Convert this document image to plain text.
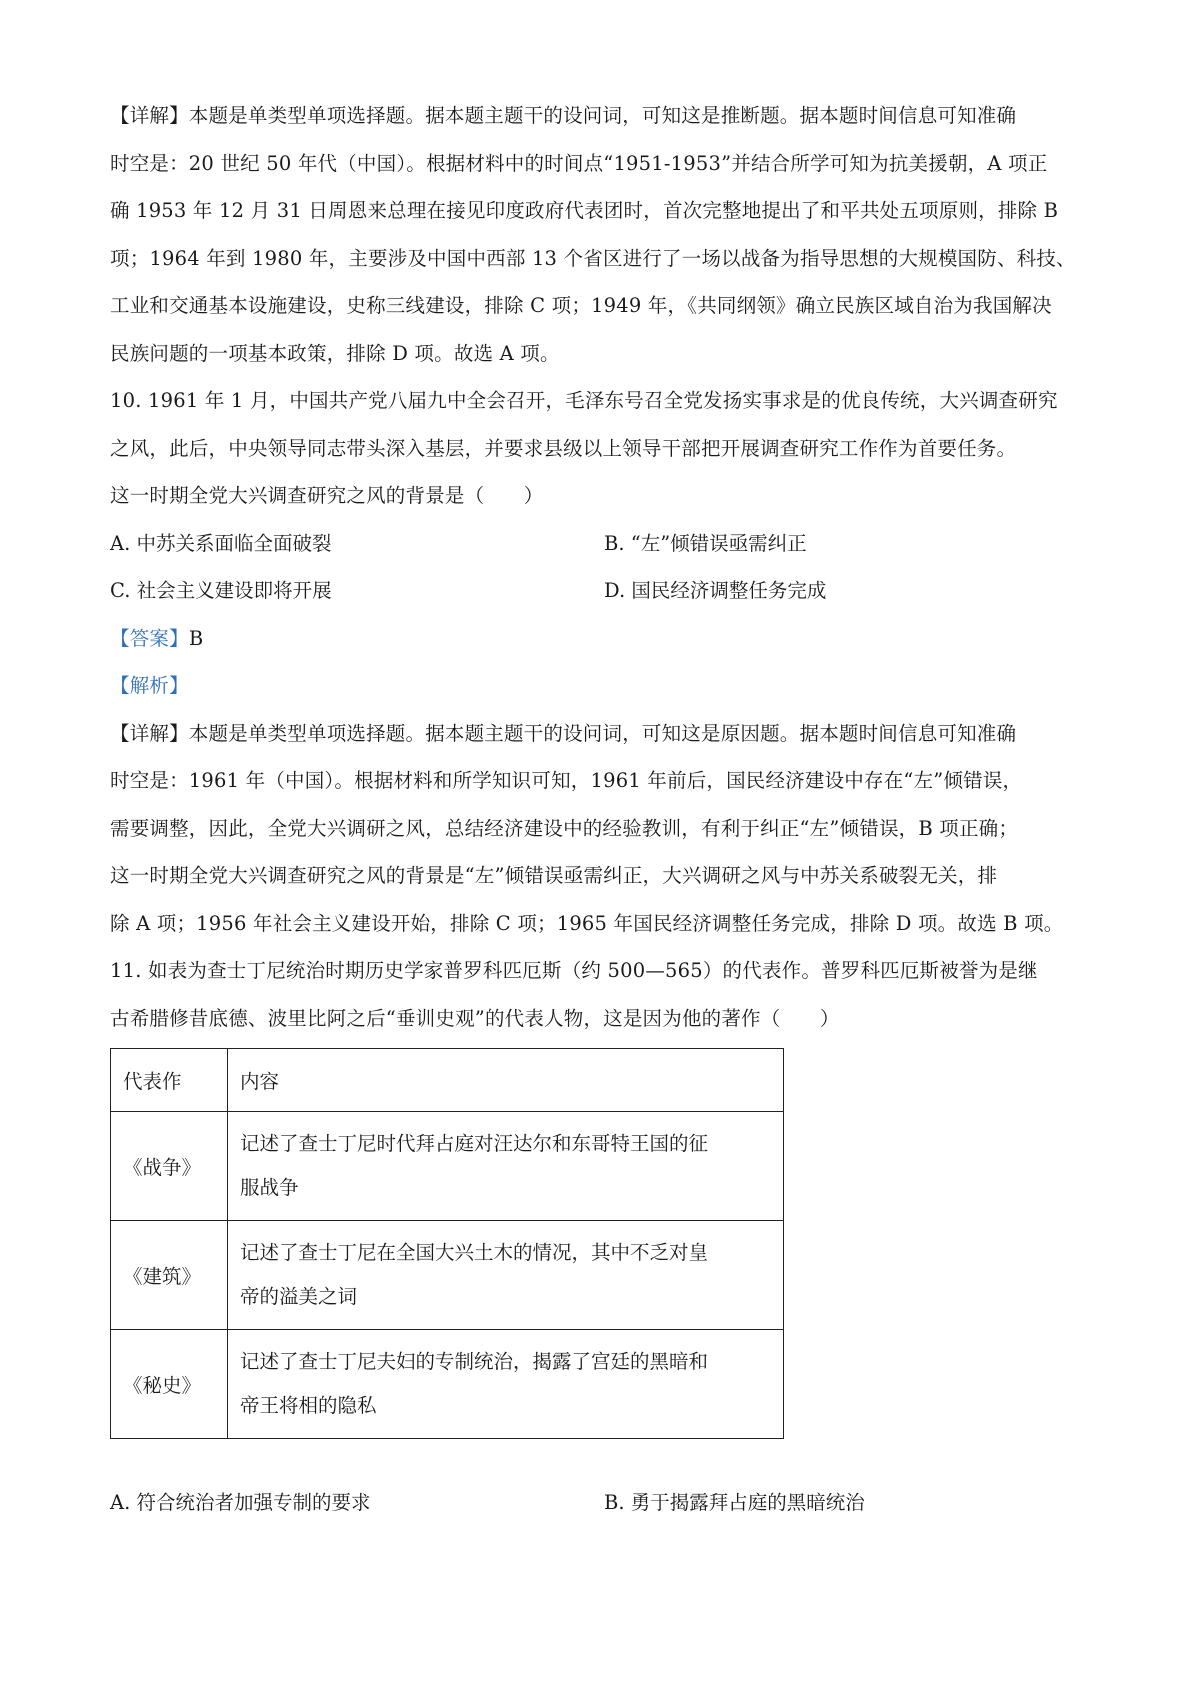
【详解】本题是单类型单项选择题。据本题主题干的设问词，可知这是推断题。据本题时间信息可知准确
时空是：20 世纪 50 年代（中国）。根据材料中的时间点“1951-1953”并结合所学可知为抗美援朝，A 项正
确 1953 年 12 月 31 日周恩来总理在接见印度政府代表团时，首次完整地提出了和平共处五项原则，排除 B
项；1964 年到 1980 年，主要涉及中国中西部 13 个省区进行了一场以战备为指导思想的大规模国防、科技、
工业和交通基本设施建设，史称三线建设，排除 C 项；1949 年，《共同纲领》确立民族区域自治为我国解决
民族问题的一项基本政策，排除 D 项。故选 A 项。
10. 1961 年 1 月，中国共产党八届九中全会召开，毛泽东号召全党发扬实事求是的优良传统，大兴调查研究
之风，此后，中央领导同志带头深入基层，并要求县级以上领导干部把开展调查研究工作作为首要任务。
这一时期全党大兴调查研究之风的背景是（　　）
A. 中苏关系面临全面破裂	B. “左”倾错误亟需纠正
C. 社会主义建设即将开展	D. 国民经济调整任务完成
【答案】B
【解析】
【详解】本题是单类型单项选择题。据本题主题干的设问词，可知这是原因题。据本题时间信息可知准确
时空是：1961 年（中国）。根据材料和所学知识可知，1961 年前后，国民经济建设中存在“左”倾错误，
需要调整，因此，全党大兴调研之风，总结经济建设中的经验教训，有利于纠正“左”倾错误，B 项正确；
这一时期全党大兴调查研究之风的背景是“左”倾错误亟需纠正，大兴调研之风与中苏关系破裂无关，排
除 A 项；1956 年社会主义建设开始，排除 C 项；1965 年国民经济调整任务完成，排除 D 项。故选 B 项。
11. 如表为查士丁尼统治时期历史学家普罗科匹厄斯（约 500—565）的代表作。普罗科匹厄斯被誉为是继
古希腊修昔底德、波里比阿之后“垂训史观”的代表人物，这是因为他的著作（　　）
代表作	内容
《战争》	记述了查士丁尼时代拜占庭对汪达尔和东哥特王国的征
服战争

《建筑》	记述了查士丁尼在全国大兴土木的情况，其中不乏对皇
帝的溢美之词

《秘史》	记述了查士丁尼夫妇的专制统治，揭露了宫廷的黑暗和
帝王将相的隐私
A. 符合统治者加强专制的要求	B. 勇于揭露拜占庭的黑暗统治
